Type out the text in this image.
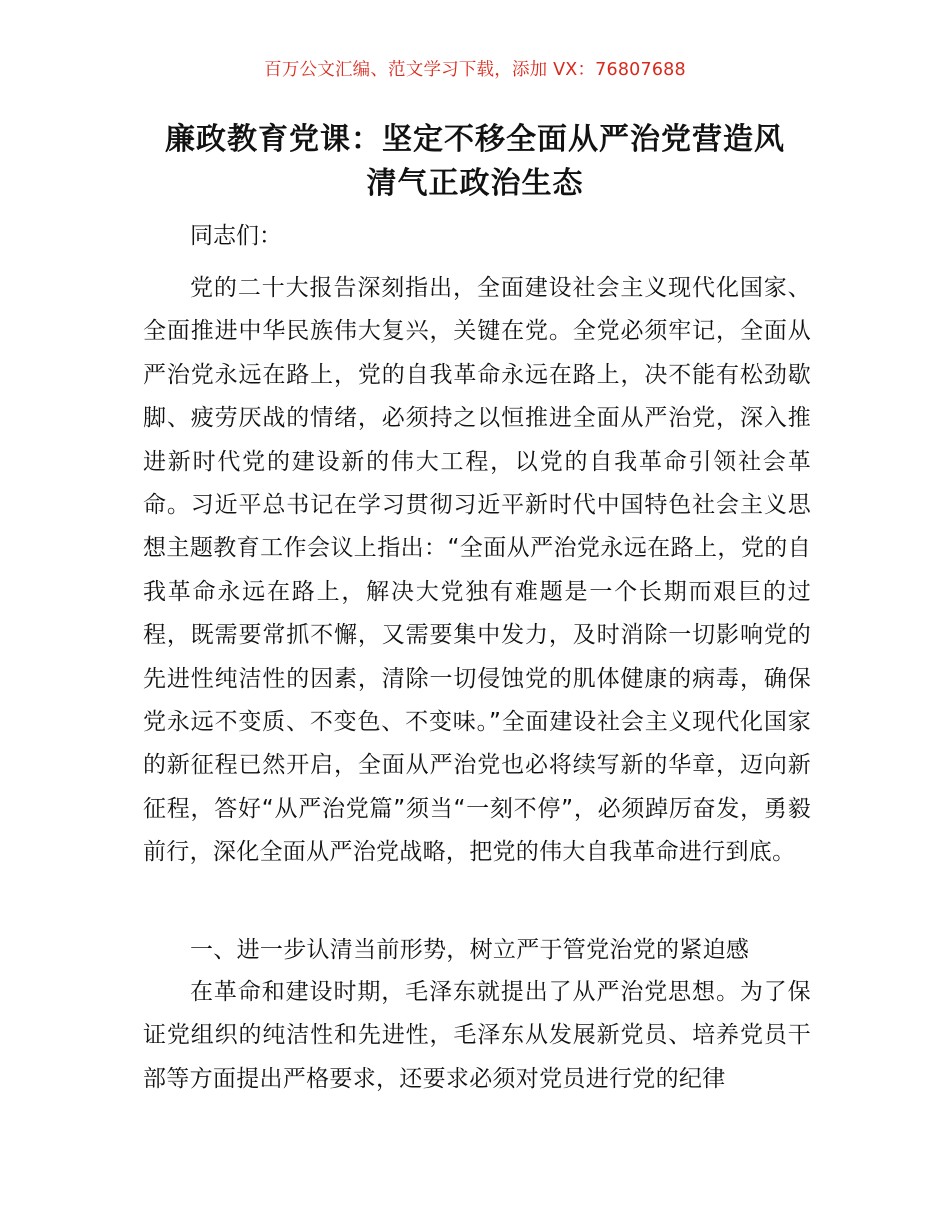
百万公文汇编、范文学习下载，添加 VX：76807688
廉政教育党课：坚定不移全面从严治党营造风
清气正政治生态
同志们：
党的二十大报告深刻指出，全面建设社会主义现代化国家、全面推进中华民族伟大复兴，关键在党。全党必须牢记，全面从严治党永远在路上，党的自我革命永远在路上，决不能有松劲歇脚、疲劳厌战的情绪，必须持之以恒推进全面从严治党，深入推进新时代党的建设新的伟大工程，以党的自我革命引领社会革命。习近平总书记在学习贯彻习近平新时代中国特色社会主义思想主题教育工作会议上指出：“全面从严治党永远在路上，党的自我革命永远在路上，解决大党独有难题是一个长期而艰巨的过程，既需要常抓不懈，又需要集中发力，及时消除一切影响党的先进性纯洁性的因素，清除一切侵蚀党的肌体健康的病毒，确保党永远不变质、不变色、不变味。”全面建设社会主义现代化国家的新征程已然开启，全面从严治党也必将续写新的华章，迈向新征程，答好“从严治党篇”须当“一刻不停”，必须踔厉奋发，勇毅前行，深化全面从严治党战略，把党的伟大自我革命进行到底。
一、进一步认清当前形势，树立严于管党治党的紧迫感
在革命和建设时期，毛泽东就提出了从严治党思想。为了保证党组织的纯洁性和先进性，毛泽东从发展新党员、培养党员干部等方面提出严格要求，还要求必须对党员进行党的纪律
